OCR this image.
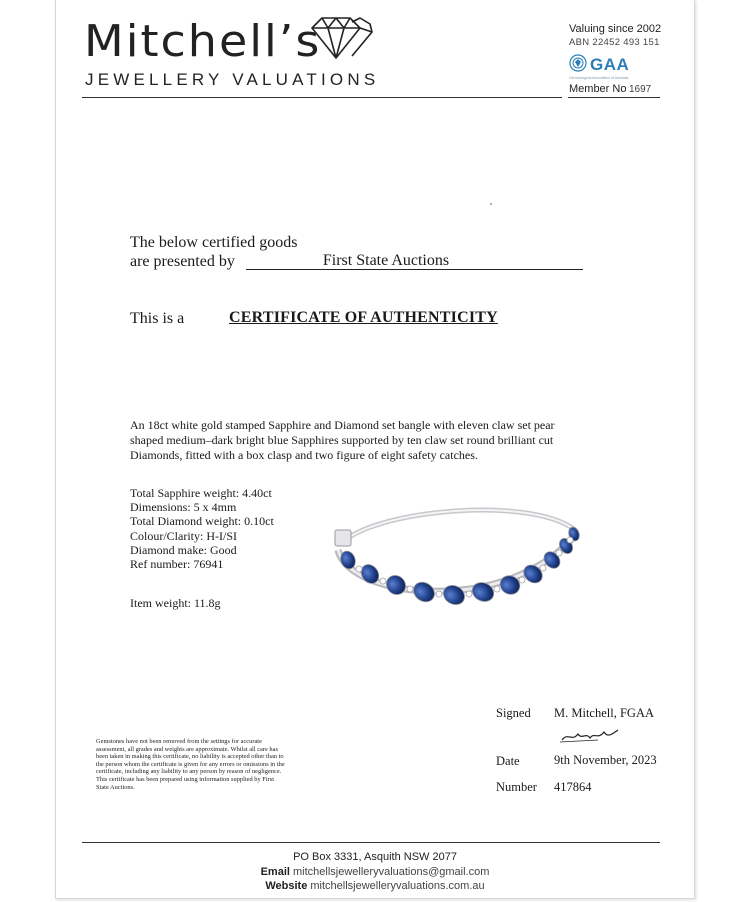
Mitchell’s
JEWELLERY VALUATIONS
Valuing since 2002
ABN 22452 493 151
GAA
Gemmological Association of Australia
Member No 1697
The below certified goods
are presented by	First State Auctions
This is a	CERTIFICATE OF AUTHENTICITY
An 18ct white gold stamped Sapphire and Diamond set bangle with eleven claw set pear shaped medium–dark bright blue Sapphires supported by ten claw set round brilliant cut Diamonds, fitted with a box clasp and two figure of eight safety catches.
Total Sapphire weight: 4.40ct
Dimensions: 5 x 4mm
Total Diamond weight: 0.10ct
Colour/Clarity: H-I/SI
Diamond make: Good
Ref number: 76941
Item weight: 11.8g
Gemstones have not been removed from the settings for accurate assessment, all grades and weights are approximate. Whilst all care has been taken in making this certificate, no liability is accepted other than to the person whom the certificate is given for any errors or omissions in the certificate, including any liability to any person by reason of negligence. This certificate has been prepared using information supplied by First State Auctions.
Signed M. Mitchell, FGAA
Date	9th November, 2023
Number 417864
PO Box 3331, Asquith NSW 2077
Email mitchellsjewelleryvaluations@gmail.com
Website mitchellsjewelleryvaluations.com.au
